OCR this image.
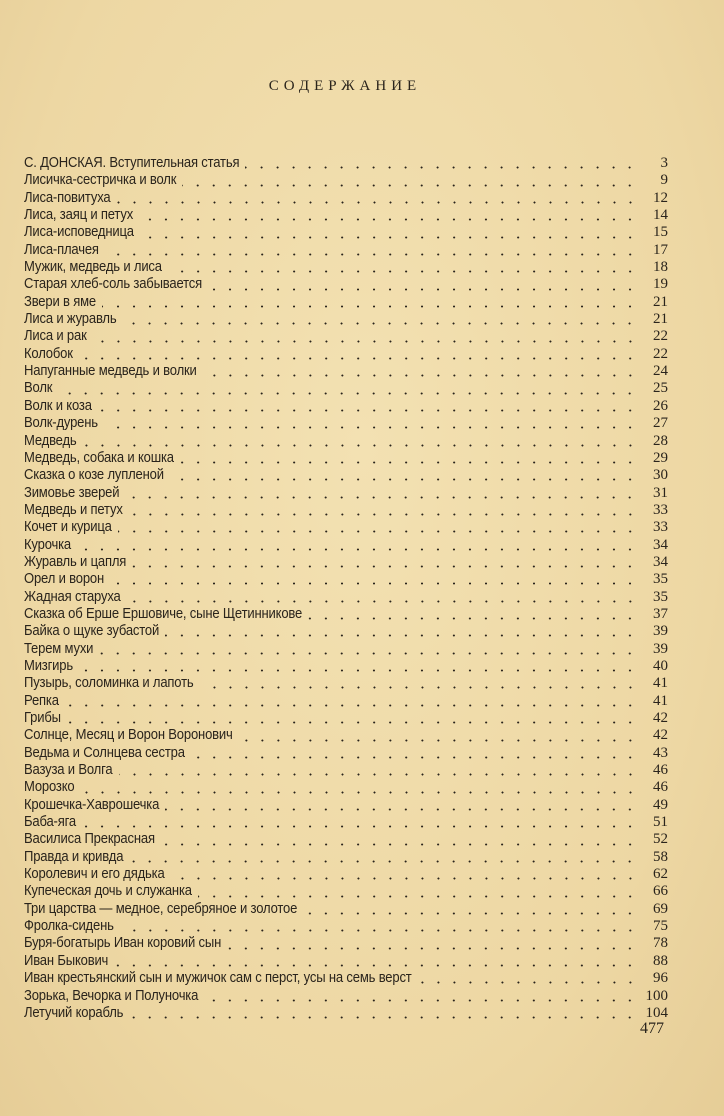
СОДЕРЖАНИЕ
С. ДОНСКАЯ. Вступительная статья	3
Лисичка-сестричка и волк	9
Лиса-повитуха	12
Лиса, заяц и петух	14
Лиса-исповедница	15
Лиса-плачея	17
Мужик, медведь и лиса	18
Старая хлеб-соль забывается	19
Звери в яме	21
Лиса и журавль	21
Лиса и рак	22
Колобок	22
Напуганные медведь и волки	24
Волк	25
Волк и коза	26
Волк-дурень	27
Медведь	28
Медведь, собака и кошка	29
Сказка о козе лупленой	30
Зимовье зверей	31
Медведь и петух	33
Кочет и курица	33
Курочка	34
Журавль и цапля	34
Орел и ворон	35
Жадная старуха	35
Сказка об Ерше Ершовиче, сыне Щетинникове	37
Байка о щуке зубастой	39
Терем мухи	39
Мизгирь	40
Пузырь, соломинка и лапоть	41
Репка	41
Грибы	42
Солнце, Месяц и Ворон Воронович	42
Ведьма и Солнцева сестра	43
Вазуза и Волга	46
Морозко	46
Крошечка-Хаврошечка	49
Баба-яга	51
Василиса Прекрасная	52
Правда и кривда	58
Королевич и его дядька	62
Купеческая дочь и служанка	66
Три царства — медное, серебряное и золотое	69
Фролка-сидень	75
Буря-богатырь Иван коровий сын	78
Иван Быкович	88
Иван крестьянский сын и мужичок сам с перст, усы на семь верст	96
Зорька, Вечорка и Полуночка	100
Летучий корабль	104
477
